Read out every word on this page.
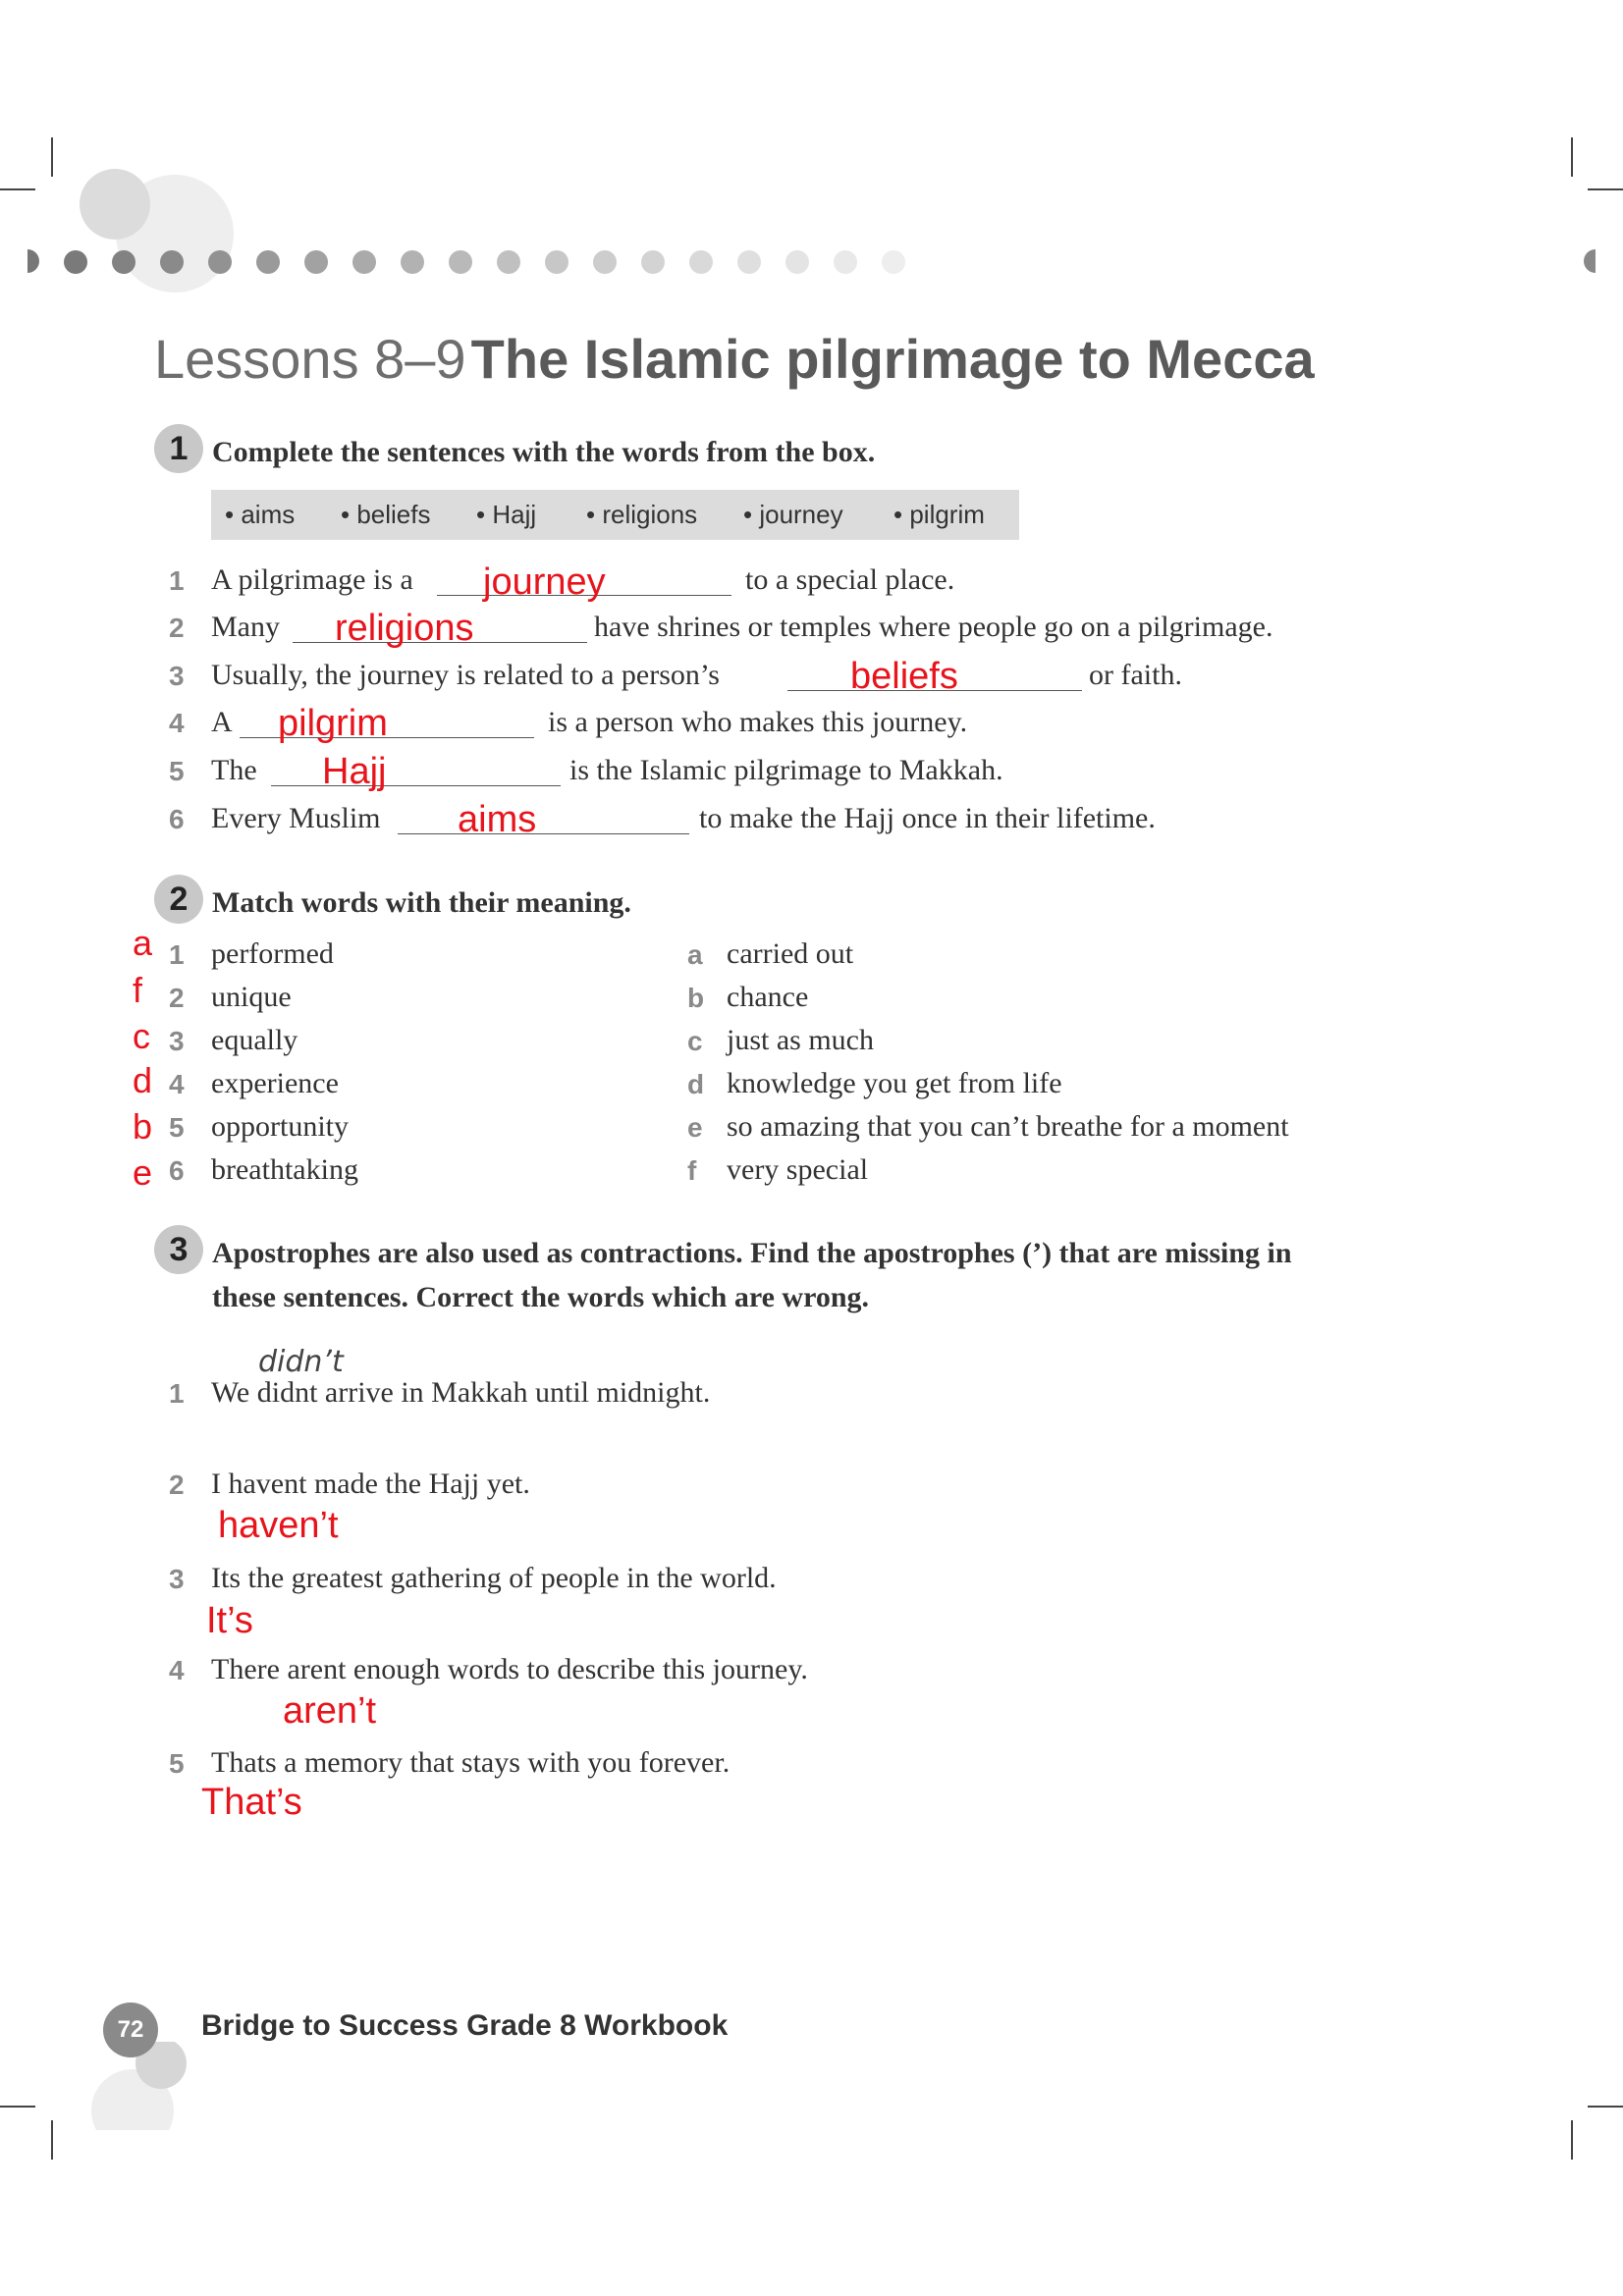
Lessons 8–9 The Islamic pilgrimage to Mecca
1 Complete the sentences with the words from the box.
• aims • beliefs • Hajj • religions • journey • pilgrim
1 A pilgrimage is a journey	to a special place.
2 Many religions	have shrines or temples where people go on a pilgrimage.
3 Usually, the journey is related to a person’s	beliefs	or faith.
4 A pilgrim	is a person who makes this journey.
5 The Hajj	is the Islamic pilgrimage to Makkah.
6 Every Muslim aims	to make the Hajj once in their lifetime.
2 Match words with their meaning.
a 1 performed	a carried out
f 2 unique	b chance
c 3 equally	c just as much
d 4 experience	d knowledge you get from life
b 5 opportunity	e so amazing that you can’t breathe for a moment
e 6 breathtaking	f very special
3 Apostrophes are also used as contractions. Find the apostrophes (’) that are missing in
these sentences. Correct the words which are wrong.
didn’t
1 We didnt arrive in Makkah until midnight.
2 I havent made the Hajj yet.
haven’t
3 Its the greatest gathering of people in the world.
It’s
4 There arent enough words to describe this journey.
aren’t
5 Thats a memory that stays with you forever.
That’s
72	Bridge to Success Grade 8 Workbook
